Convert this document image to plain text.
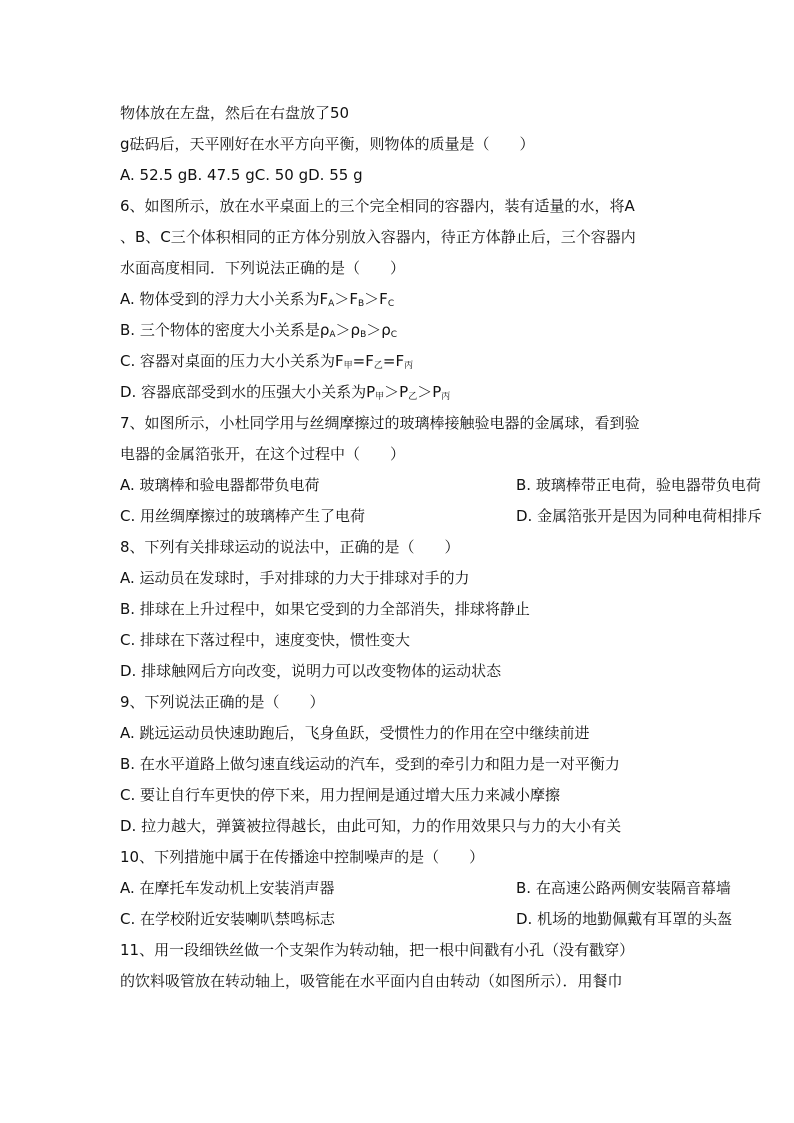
物体放在左盘，然后在右盘放了50
g砝码后，天平刚好在水平方向平衡，则物体的质量是（　　）
A. 52.5 gB. 47.5 gC. 50 gD. 55 g
6、如图所示，放在水平桌面上的三个完全相同的容器内，装有适量的水，将A
、B、C三个体积相同的正方体分别放入容器内，待正方体静止后，三个容器内
水面高度相同．下列说法正确的是（　　）
A. 物体受到的浮力大小关系为$F_A>F_B>F_C$
B. 三个物体的密度大小关系是$\rho_A>\rho_B>\rho_C$
C. 容器对桌面的压力大小关系为$F_甲=F_乙=F_丙$
D. 容器底部受到水的压强大小关系为$P_甲>P_乙>P_丙$
7、如图所示，小杜同学用与丝绸摩擦过的玻璃棒接触验电器的金属球，看到验
电器的金属箔张开，在这个过程中（　　）
A. 玻璃棒和验电器都带负电荷	B. 玻璃棒带正电荷，验电器带负电荷
C. 用丝绸摩擦过的玻璃棒产生了电荷	D. 金属箔张开是因为同种电荷相排斥
8、下列有关排球运动的说法中，正确的是（　　）
A. 运动员在发球时，手对排球的力大于排球对手的力
B. 排球在上升过程中，如果它受到的力全部消失，排球将静止
C. 排球在下落过程中，速度变快，惯性变大
D. 排球触网后方向改变，说明力可以改变物体的运动状态
9、下列说法正确的是（　　）
A. 跳远运动员快速助跑后，飞身鱼跃，受惯性力的作用在空中继续前进
B. 在水平道路上做匀速直线运动的汽车，受到的牵引力和阻力是一对平衡力
C. 要让自行车更快的停下来，用力捏闸是通过增大压力来减小摩擦
D. 拉力越大，弹簧被拉得越长，由此可知，力的作用效果只与力的大小有关
10、下列措施中属于在传播途中控制噪声的是（　　）
A. 在摩托车发动机上安装消声器	B. 在高速公路两侧安装隔音幕墙
C. 在学校附近安装喇叭禁鸣标志	D. 机场的地勤佩戴有耳罩的头盔
11、用一段细铁丝做一个支架作为转动轴，把一根中间戳有小孔（没有戳穿）
的饮料吸管放在转动轴上，吸管能在水平面内自由转动（如图所示）．用餐巾
